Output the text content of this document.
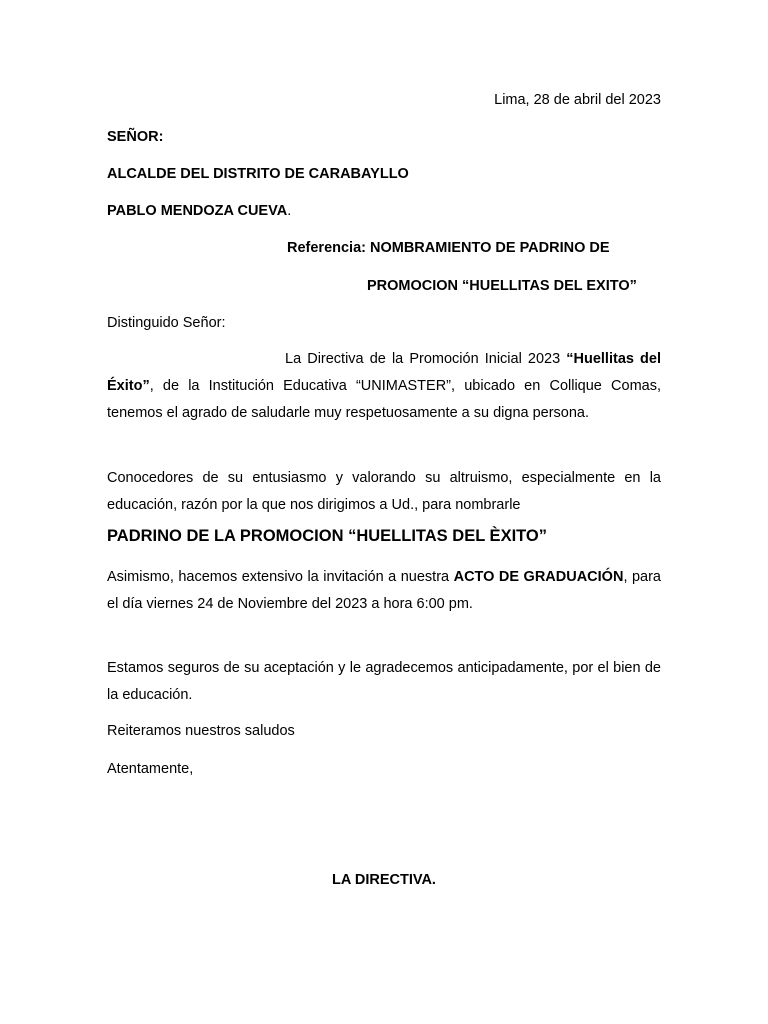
Lima, 28 de abril del 2023
SEÑOR:
ALCALDE DEL DISTRITO DE CARABAYLLO
PABLO MENDOZA CUEVA.
Referencia: NOMBRAMIENTO DE PADRINO DE
PROMOCION “HUELLITAS DEL EXITO”
Distinguido Señor:
La Directiva de la Promoción Inicial 2023 “Huellitas del Éxito”, de la Institución Educativa “UNIMASTER”, ubicado en Collique Comas, tenemos el agrado de saludarle muy respetuosamente a su digna persona.
Conocedores de su entusiasmo y valorando su altruismo, especialmente en la educación, razón por la que nos dirigimos a Ud., para nombrarle
PADRINO DE LA PROMOCION “HUELLITAS DEL ÈXITO”
Asimismo, hacemos extensivo la invitación a nuestra ACTO DE GRADUACIÓN, para el día viernes 24 de Noviembre del 2023 a hora 6:00 pm.
Estamos seguros de su aceptación y le agradecemos anticipadamente, por el bien de la educación.
Reiteramos nuestros saludos
Atentamente,
LA DIRECTIVA.
